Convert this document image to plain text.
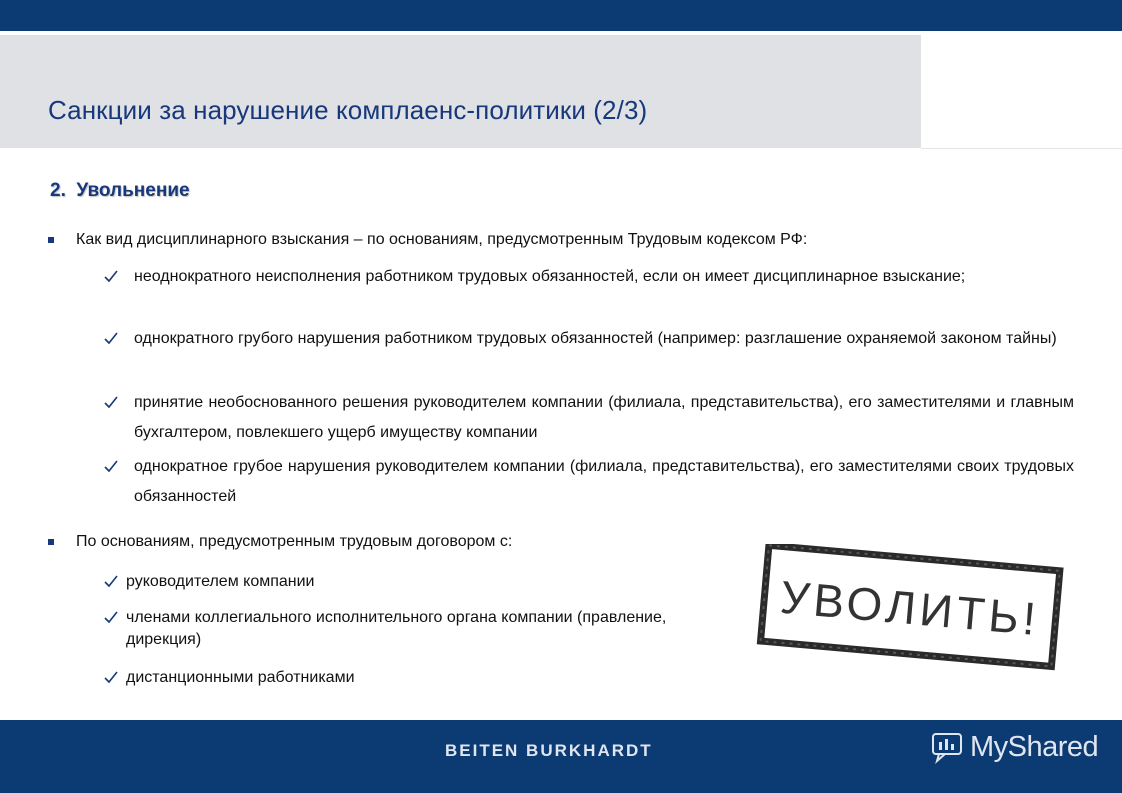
Санкции за нарушение комплаенс-политики (2/3)
2.  Увольнение
Как вид дисциплинарного взыскания – по основаниям, предусмотренным Трудовым кодексом РФ:
неоднократного неисполнения работником трудовых обязанностей, если он имеет дисциплинарное взыскание;
однократного грубого нарушения работником трудовых обязанностей (например: разглашение охраняемой законом тайны)
принятие необоснованного решения руководителем компании (филиала, представительства), его заместителями и главным бухгалтером, повлекшего ущерб имуществу компании
однократное грубое нарушения руководителем компании (филиала, представительства), его заместителями своих трудовых обязанностей
По основаниям, предусмотренным трудовым договором с:
руководителем компании
членами коллегиального исполнительного органа компании (правление, дирекция)
дистанционными работниками
УВОЛИТЬ!
BEITEN BURKHARDT	MyShared
